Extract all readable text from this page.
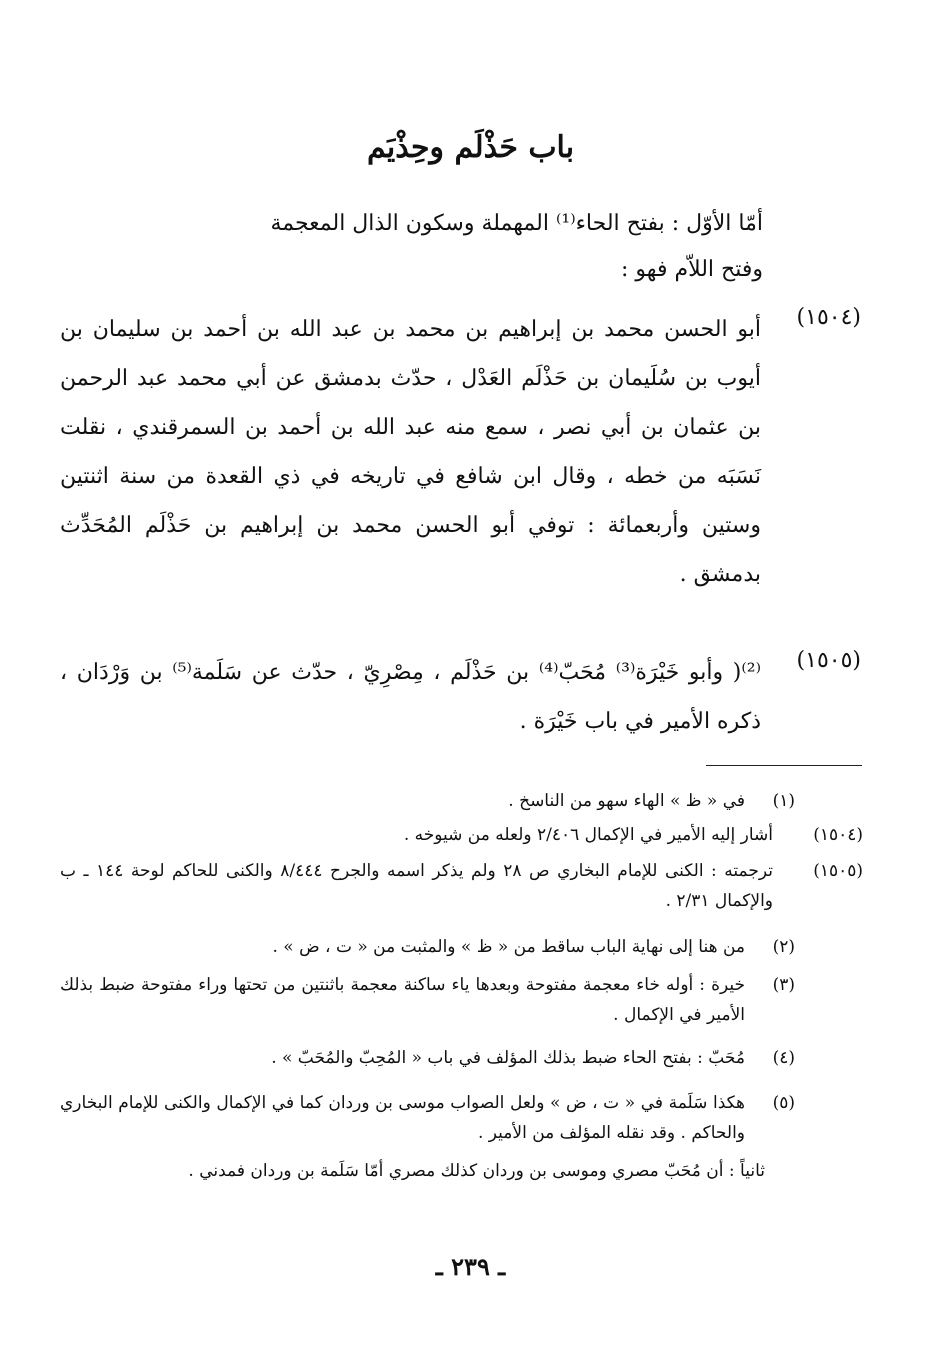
باب حَذْلَم وحِذْيَم
أمّا الأوّل : بفتح الحاء⁽¹⁾ المهملة وسكون الذال المعجمة
وفتح اللاّم فهو :
(١٥٠٤)
أبو الحسن محمد بن إبراهيم بن محمد بن عبد الله بن أحمد بن سليمان بن أيوب بن سُلَيمان بن حَذْلَم العَدْل ، حدّث بدمشق عن أبي محمد عبد الرحمن بن عثمان بن أبي نصر ، سمع منه عبد الله بن أحمد بن السمرقندي ، نقلت نَسَبَه من خطه ، وقال ابن شافع في تاريخه في ذي القعدة من سنة اثنتين وستين وأربعمائة : توفي أبو الحسن محمد بن إبراهيم بن حَذْلَم المُحَدِّث بدمشق .
(١٥٠٥)
⁽²⁾( وأبو خَيْرَة⁽³⁾ مُحَبّ⁽⁴⁾ بن حَذْلَم ، مِصْرِيّ ، حدّث عن سَلَمة⁽⁵⁾ بن وَرْدَان ، ذكره الأمير في باب خَيْرَة .
(١)
في « ظ » الهاء سهو من الناسخ .
(١٥٠٤)
أشار إليه الأمير في الإكمال ٢/٤٠٦ ولعله من شيوخه .
(١٥٠٥)
ترجمته : الكنى للإمام البخاري ص ٢٨ ولم يذكر اسمه والجرح ٨/٤٤٤ والكنى للحاكم لوحة ١٤٤ ـ ب والإكمال ٢/٣١ .
(٢)
من هنا إلى نهاية الباب ساقط من « ظ » والمثبت من « ت ، ض » .
(٣)
خيرة : أوله خاء معجمة مفتوحة وبعدها ياء ساكنة معجمة باثنتين من تحتها وراء مفتوحة ضبط بذلك الأمير في الإكمال .
(٤)
مُحَبّ : بفتح الحاء ضبط بذلك المؤلف في باب « المُحِبّ والمُحَبّ » .
(٥)
هكذا سَلَمة في « ت ، ض » ولعل الصواب موسى بن وردان كما في الإكمال والكنى للإمام البخاري والحاكم . وقد نقله المؤلف من الأمير .
ثانياً : أن مُحَبّ مصري وموسى بن وردان كذلك مصري أمّا سَلَمة بن وردان فمدني .
ـ ٢٣٩ ـ
